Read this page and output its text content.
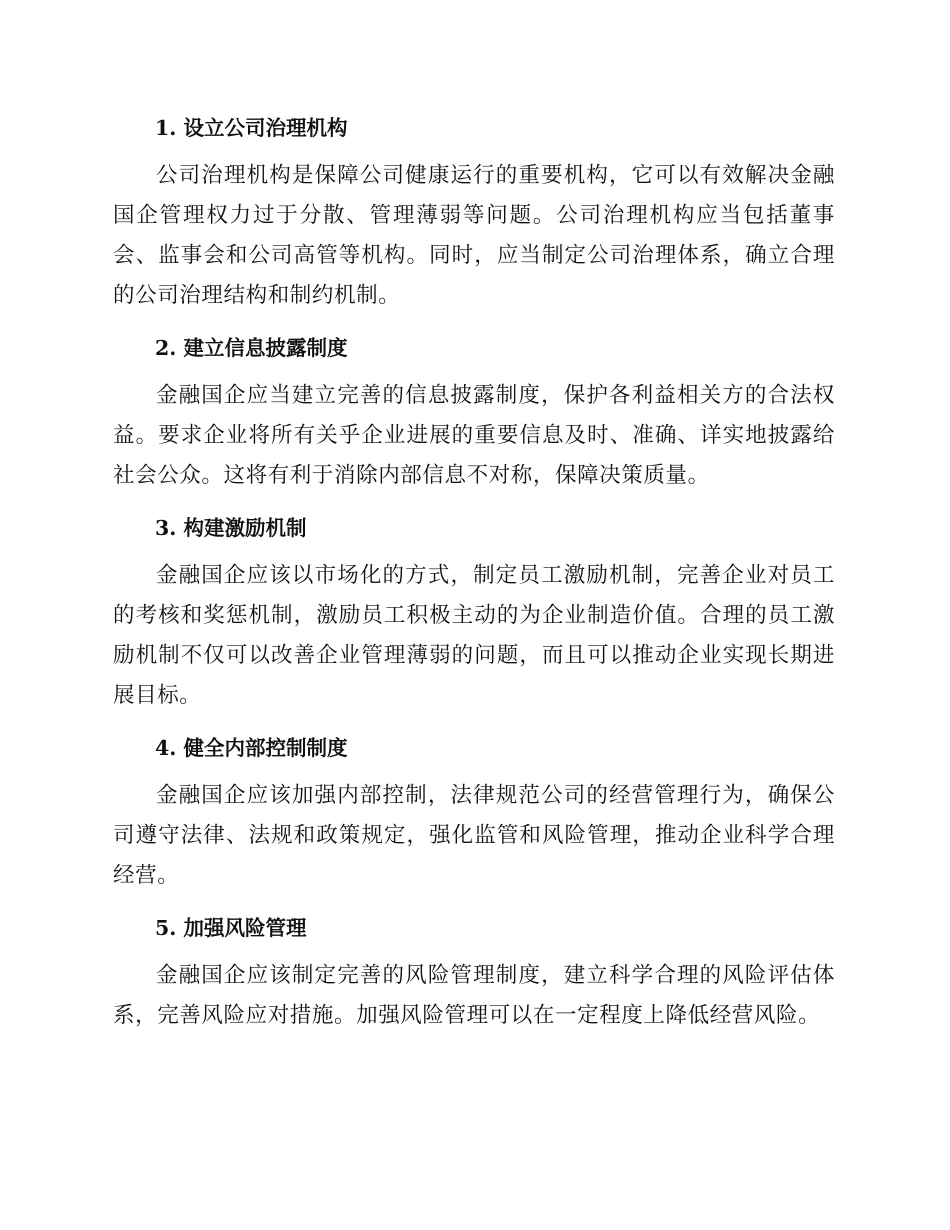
1. 设立公司治理机构

公司治理机构是保障公司健康运行的重要机构，它可以有效解决金融国企管理权力过于分散、管理薄弱等问题。公司治理机构应当包括董事会、监事会和公司高管等机构。同时，应当制定公司治理体系，确立合理的公司治理结构和制约机制。

2. 建立信息披露制度

金融国企应当建立完善的信息披露制度，保护各利益相关方的合法权益。要求企业将所有关乎企业进展的重要信息及时、准确、详实地披露给社会公众。这将有利于消除内部信息不对称，保障决策质量。

3. 构建激励机制

金融国企应该以市场化的方式，制定员工激励机制，完善企业对员工的考核和奖惩机制，激励员工积极主动的为企业制造价值。合理的员工激励机制不仅可以改善企业管理薄弱的问题，而且可以推动企业实现长期进展目标。

4. 健全内部控制制度

金融国企应该加强内部控制，法律规范公司的经营管理行为，确保公司遵守法律、法规和政策规定，强化监管和风险管理，推动企业科学合理经营。

5. 加强风险管理

金融国企应该制定完善的风险管理制度，建立科学合理的风险评估体系，完善风险应对措施。加强风险管理可以在一定程度上降低经营风险。
